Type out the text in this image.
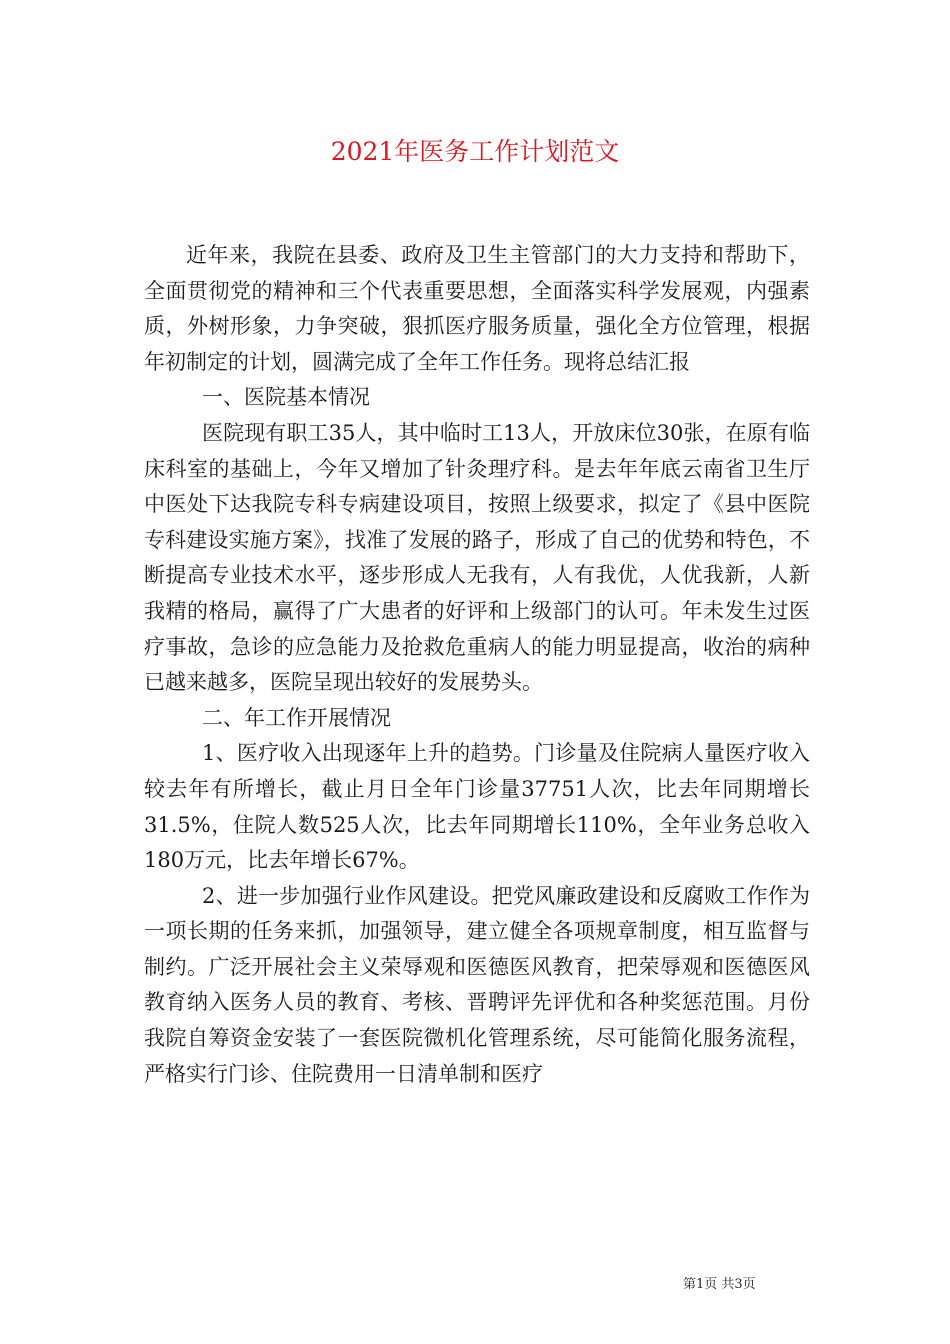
2021年医务工作计划范文

近年来，我院在县委、政府及卫生主管部门的大力支持和帮助下，全面贯彻党的精神和三个代表重要思想，全面落实科学发展观，内强素质，外树形象，力争突破，狠抓医疗服务质量，强化全方位管理，根据年初制定的计划，圆满完成了全年工作任务。现将总结汇报

一、医院基本情况

医院现有职工35人，其中临时工13人，开放床位30张，在原有临床科室的基础上，今年又增加了针灸理疗科。是去年年底云南省卫生厅中医处下达我院专科专病建设项目，按照上级要求，拟定了《县中医院专科建设实施方案》，找准了发展的路子，形成了自己的优势和特色，不断提高专业技术水平，逐步形成人无我有，人有我优，人优我新，人新我精的格局，赢得了广大患者的好评和上级部门的认可。年未发生过医疗事故，急诊的应急能力及抢救危重病人的能力明显提高，收治的病种已越来越多，医院呈现出较好的发展势头。

二、年工作开展情况

1、医疗收入出现逐年上升的趋势。门诊量及住院病人量医疗收入较去年有所增长，截止月日全年门诊量37751人次，比去年同期增长31.5%，住院人数525人次，比去年同期增长110%，全年业务总收入180万元，比去年增长67%。

2、进一步加强行业作风建设。把党风廉政建设和反腐败工作作为一项长期的任务来抓，加强领导，建立健全各项规章制度，相互监督与制约。广泛开展社会主义荣辱观和医德医风教育，把荣辱观和医德医风教育纳入医务人员的教育、考核、晋聘评先评优和各种奖惩范围。月份我院自筹资金安装了一套医院微机化管理系统，尽可能简化服务流程，严格实行门诊、住院费用一日清单制和医疗

第1页 共3页
